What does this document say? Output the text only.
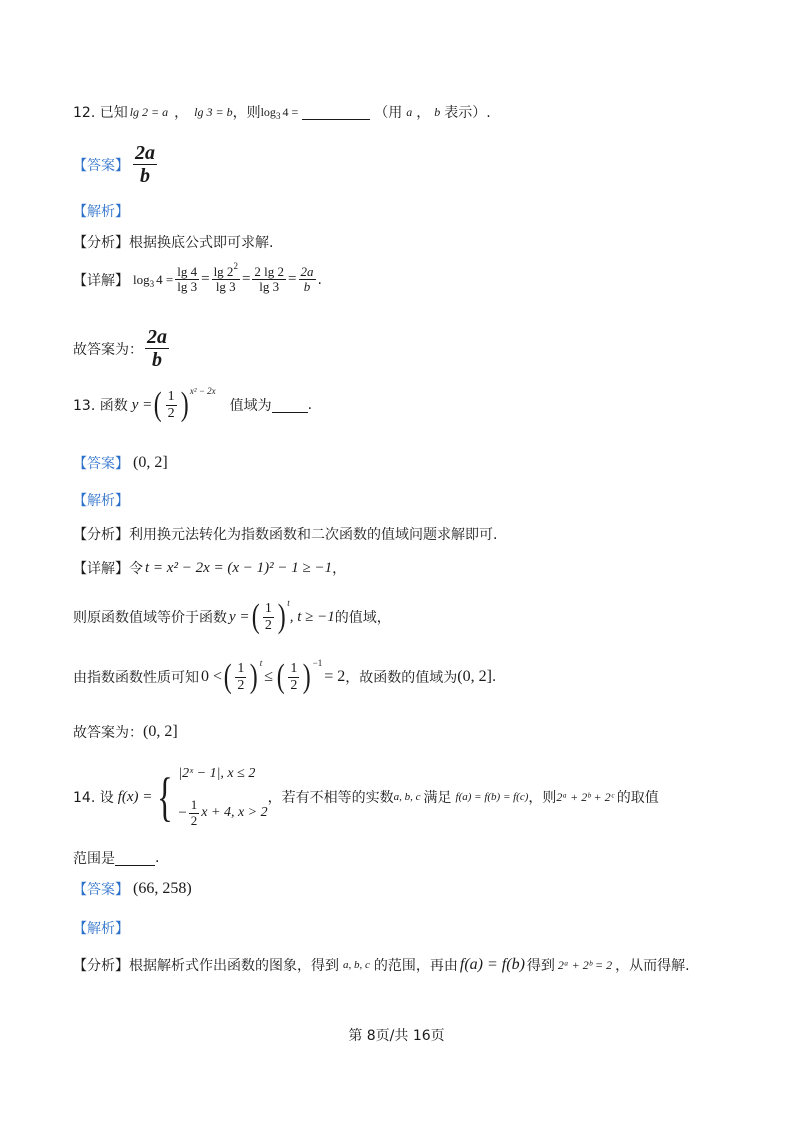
12. 已知 lg 2 = a ， lg 3 = b ，则 log 3 4 =	（用 a ， b 表示）.
【答案】 $\frac{2a}{b}$
【解析】
【分析】 根据换底公式即可求解.
【详解】 log 3 $4 = \frac{\lg 4}{\lg 3} = \frac{\lg 2^2}{\lg 3} = \frac{2 \lg 2}{\lg 3} = \frac{2a}{b}$ .
故答案为： $\frac{2a}{b}$
13. 函数 y = ( $\frac{1}{2}$ ) x² − 2x
值域为	.
【答案】 (0, 2]
【解析】
【分析】 利用换元法转化为指数函数和二次函数的值域问题求解即可.
【详解】 令 t = x² − 2x = (x − 1)² − 1 ≥ −1 ，
则原函数值域等价于函数 y = ( $\frac{1}{2}$ ) t
, t ≥ −1 的值域，
由指数函数性质可知 0 < ( $\frac{1}{2}$ ) t
≤ ( $\frac{1}{2}$ ) −1
= 2 ，故函数的值域为 (0, 2] .
故答案为： (0, 2]
14. 设 f(x) = { |2ˣ − 1|, x ≤ 2
− $\frac{1}{2}$ x + 4, x > 2
，若有不相等的实数 a, b, c 满足 f(a) = f(b) = f(c) ，则 2ᵃ + 2ᵇ + 2ᶜ 的取值
范围是	.
【答案】 (66, 258)
【解析】
【分析】 根据解析式作出函数的图象，得到 a, b, c 的范围，再由 f(a) = f(b) 得到 2ᵃ + 2ᵇ = 2 ，从而得解.
第 8页/共 16页
